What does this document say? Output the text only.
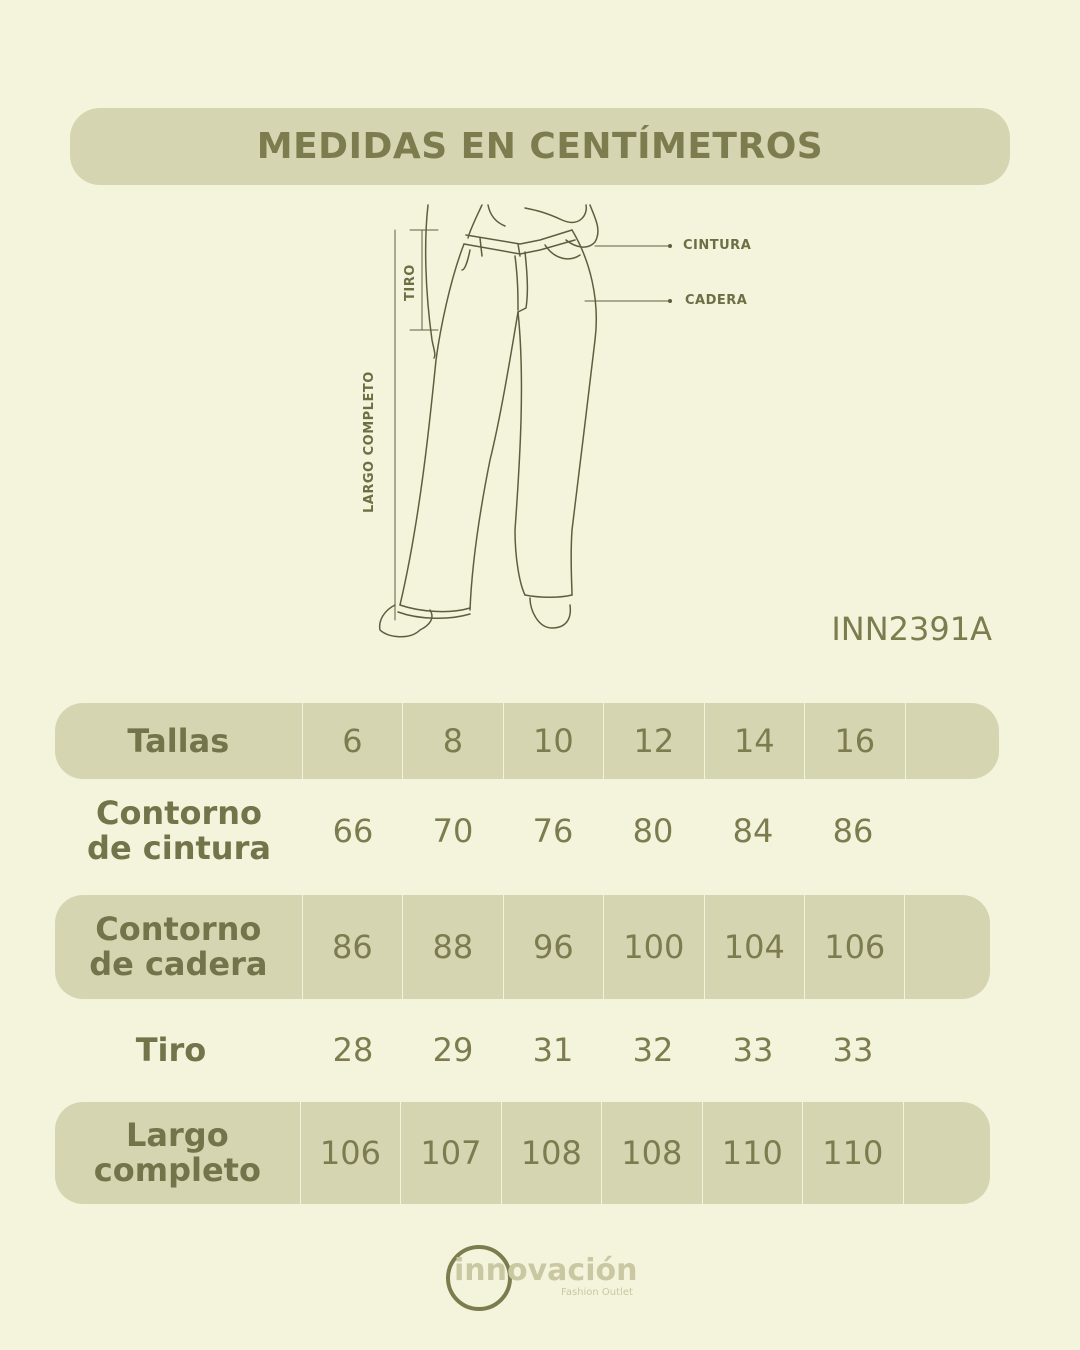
MEDIDAS EN CENTÍMETROS
CINTURA
CADERA
TIRO
LARGO COMPLETO
INN2391A
Tallas	6	8	10	12	14	16
Contorno
de cintura	66	70	76	80	84	86
Contorno
de cadera	86	88	96	100	104	106
Tiro	28	29	31	32	33	33
Largo
completo	106	107	108	108	110	110
innovación
Fashion Outlet
